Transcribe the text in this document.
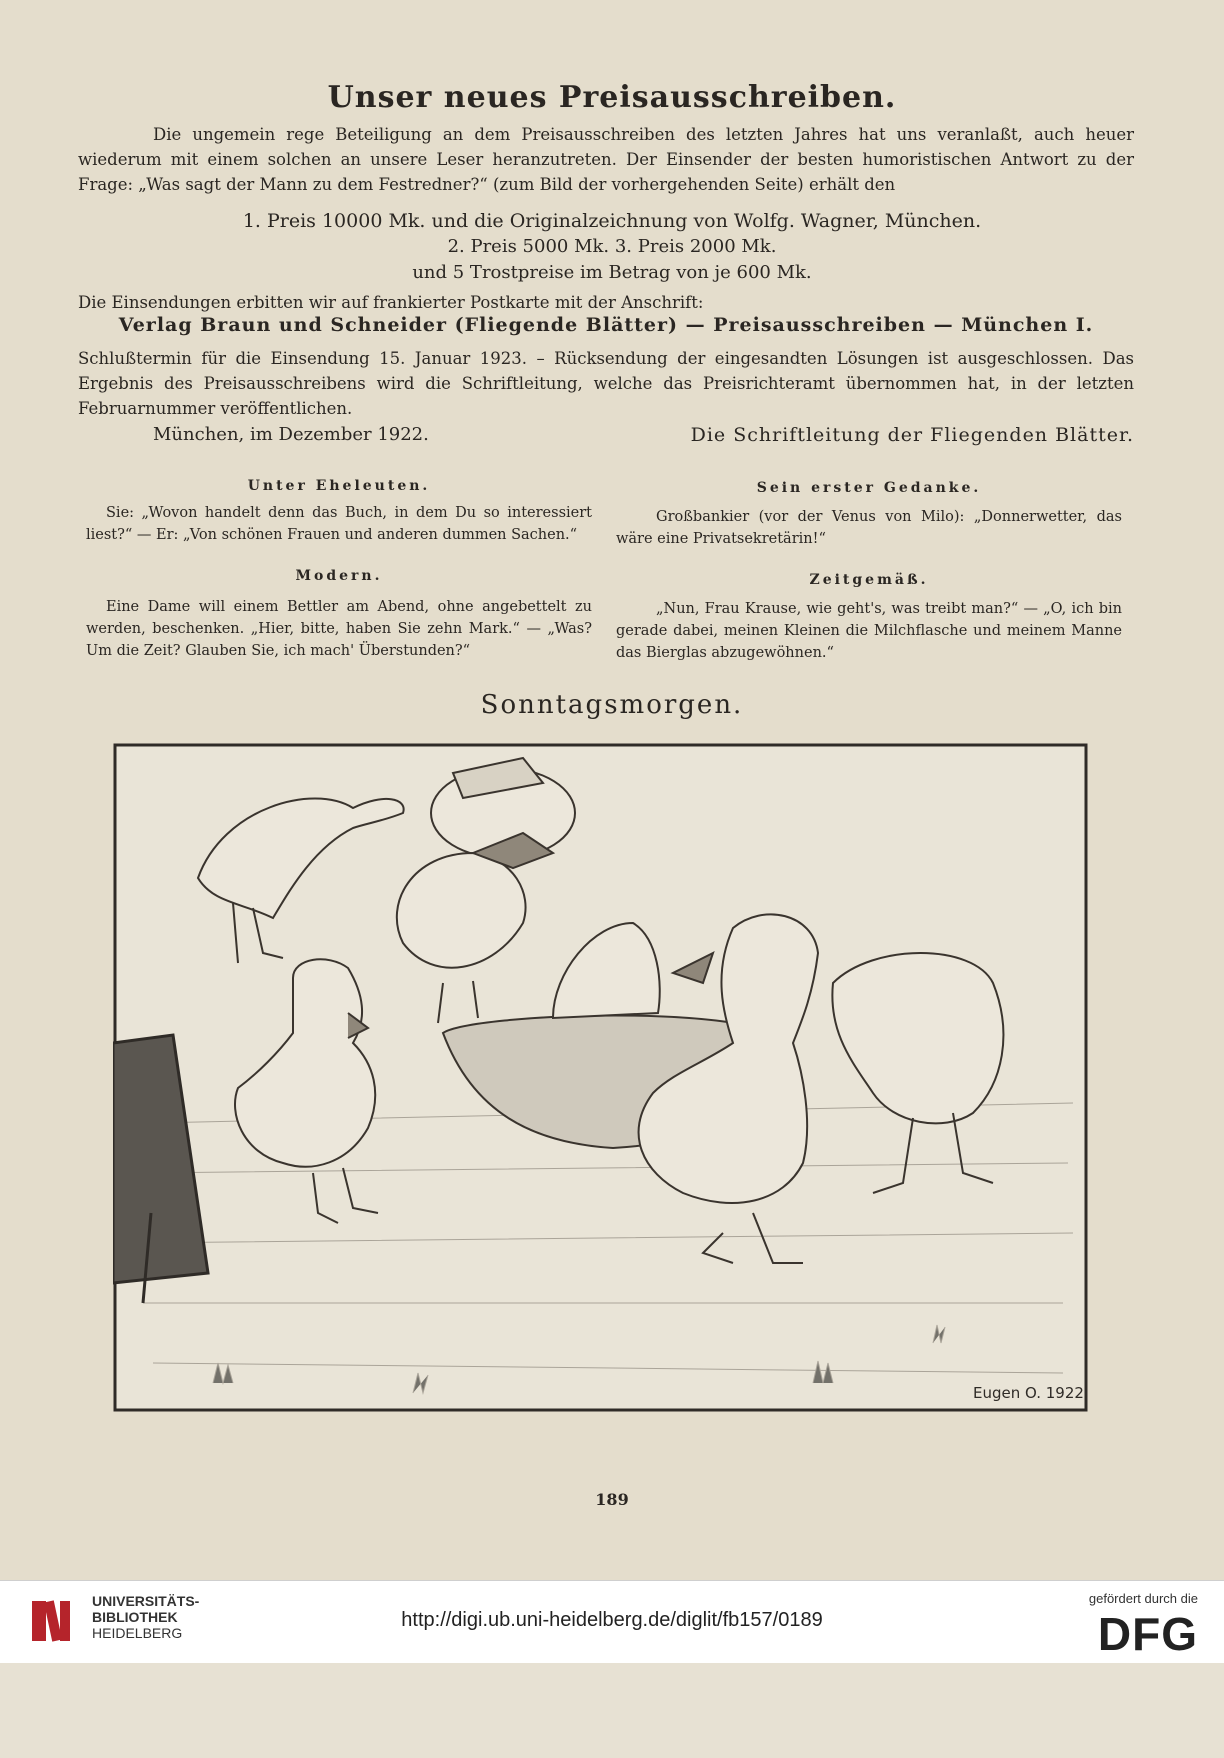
Unser neues Preisausschreiben.
Die ungemein rege Beteiligung an dem Preisausschreiben des letzten Jahres hat uns veranlaßt, auch heuer wiederum mit einem solchen an unsere Leser heranzutreten. Der Einsender der besten humoristischen Antwort zu der Frage: „Was sagt der Mann zu dem Festredner?“ (zum Bild der vorhergehenden Seite) erhält den
1. Preis 10000 Mk. und die Originalzeichnung von Wolfg. Wagner, München.
2. Preis 5000 Mk. 3. Preis 2000 Mk.
und 5 Trostpreise im Betrag von je 600 Mk.
Die Einsendungen erbitten wir auf frankierter Postkarte mit der Anschrift:
Verlag Braun und Schneider (Fliegende Blätter) — Preisausschreiben — München I.
Schlußtermin für die Einsendung 15. Januar 1923. – Rücksendung der eingesandten Lösungen ist ausgeschlossen. Das Ergebnis des Preisausschreibens wird die Schriftleitung, welche das Preisrichteramt übernommen hat, in der letzten Februarnummer veröffentlichen.
München, im Dezember 1922.	Die Schriftleitung der Fliegenden Blätter.
Unter Eheleuten.
Sie: „Wovon handelt denn das Buch, in dem Du so interessiert liest?“ — Er: „Von schönen Frauen und anderen dummen Sachen.“
Modern.
Eine Dame will einem Bettler am Abend, ohne angebettelt zu werden, beschenken. „Hier, bitte, haben Sie zehn Mark.“ — „Was? Um die Zeit? Glauben Sie, ich mach' Überstunden?“
Sein erster Gedanke.
Großbankier (vor der Venus von Milo): „Donnerwetter, das wäre eine Privatsekretärin!“
Zeitgemäß.
„Nun, Frau Krause, wie geht's, was treibt man?“ — „O, ich bin gerade dabei, meinen Kleinen die Milchflasche und meinem Manne das Bierglas abzugewöhnen.“
Sonntagsmorgen.
Eugen O. 1922
189
UNIVERSITÄTS-
BIBLIOTHEK
HEIDELBERG
http://digi.ub.uni-heidelberg.de/diglit/fb157/0189
gefördert durch die
DFG
